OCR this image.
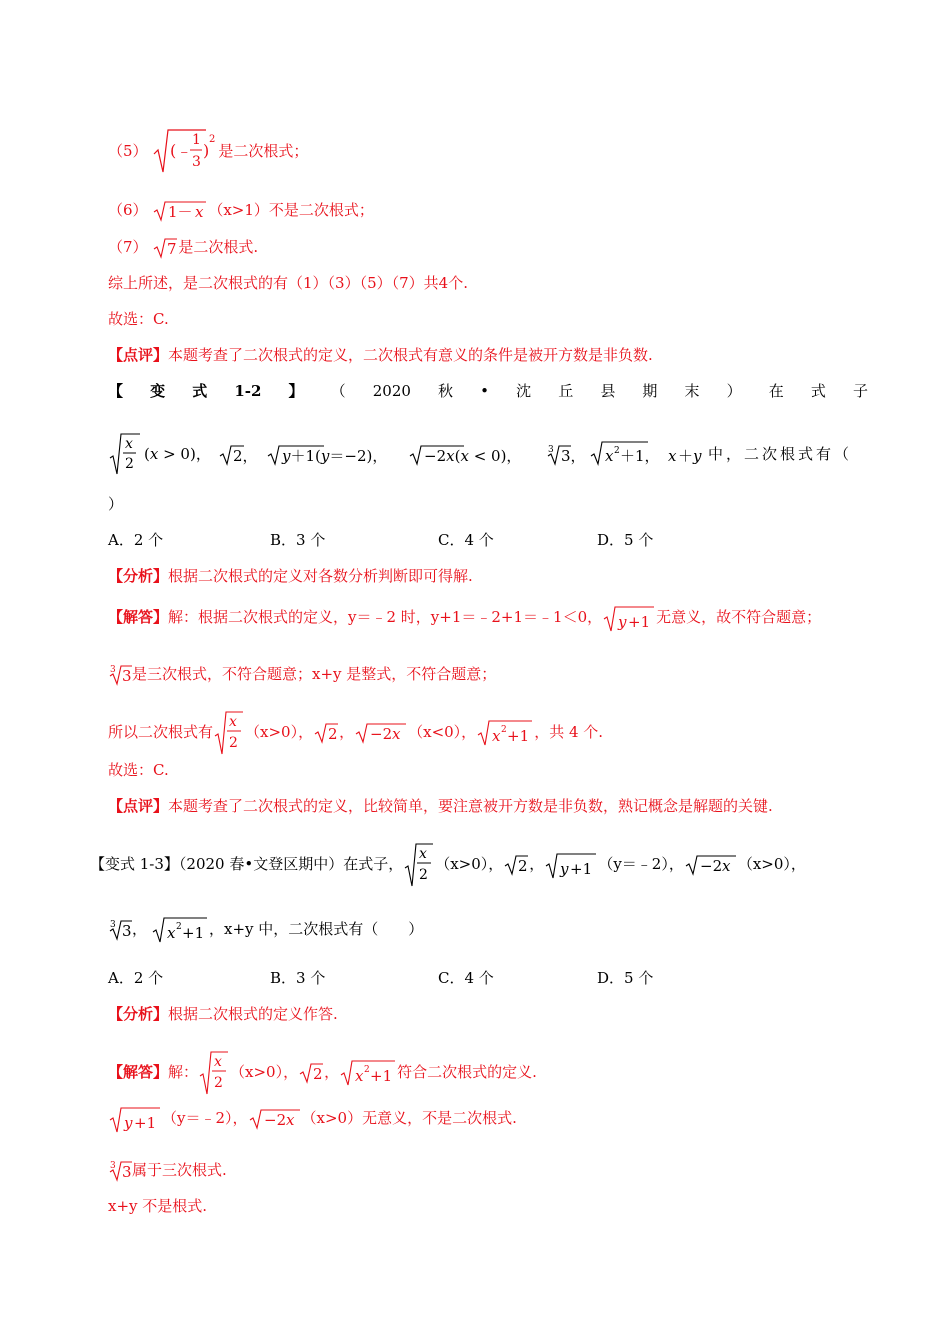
（5） (﹣
1
3
)
2
是二次根式；
（6） 1－ x （x>1）不是二次根式；
（7） 7 是二次根式.
综上所述，是二次根式的有（1）（3）（5）（7）共4个.
故选：C.
【点评】本题考查了二次根式的定义，二次根式有意义的条件是被开方数是非负数.
【 变 式 1-2 】 （ 2020 秋 • 沈 丘 县 期 末 ） 在 式 子
x
2
(x > 0)， 2， y＋1(y＝−2)， −2x(x < 0)，	3 3， x 2 ＋1， x ＋ y 中，二次根式有（
）
A．2 个	B．3 个	C．4 个	D．5 个
【分析】根据二次根式的定义对各数分析判断即可得解.
【解答】解：根据二次根式的定义，y＝﹣2 时，y+1＝﹣2+1＝﹣1＜0， y +1 无意义，故不符合题意；
3 3 是三次根式，不符合题意；x+y 是整式，不符合题意；
所以二次根式有
x
2
（x>0）， 2 ， −2 x （x<0）， x 2 +1 ，共 4 个.
故选：C.
【点评】本题考查了二次根式的定义，比较简单，要注意被开方数是非负数，熟记概念是解题的关键.
【变式 1-3】（2020 春•文登区期中）在式子，
x
2
（x>0）， 2 ， y +1 （y＝﹣2）， −2 x （x>0），
3 3 ， x 2 +1 ，x+y 中，二次根式有（　　）
A．2 个	B．3 个	C．4 个	D．5 个
【分析】根据二次根式的定义作答.
【解答】解：
x
2
（x>0）， 2 ， x 2 +1 符合二次根式的定义.
y +1 （y＝﹣2）， −2 x （x>0）无意义，不是二次根式.
3 3 属于三次根式.
x+y 不是根式.
